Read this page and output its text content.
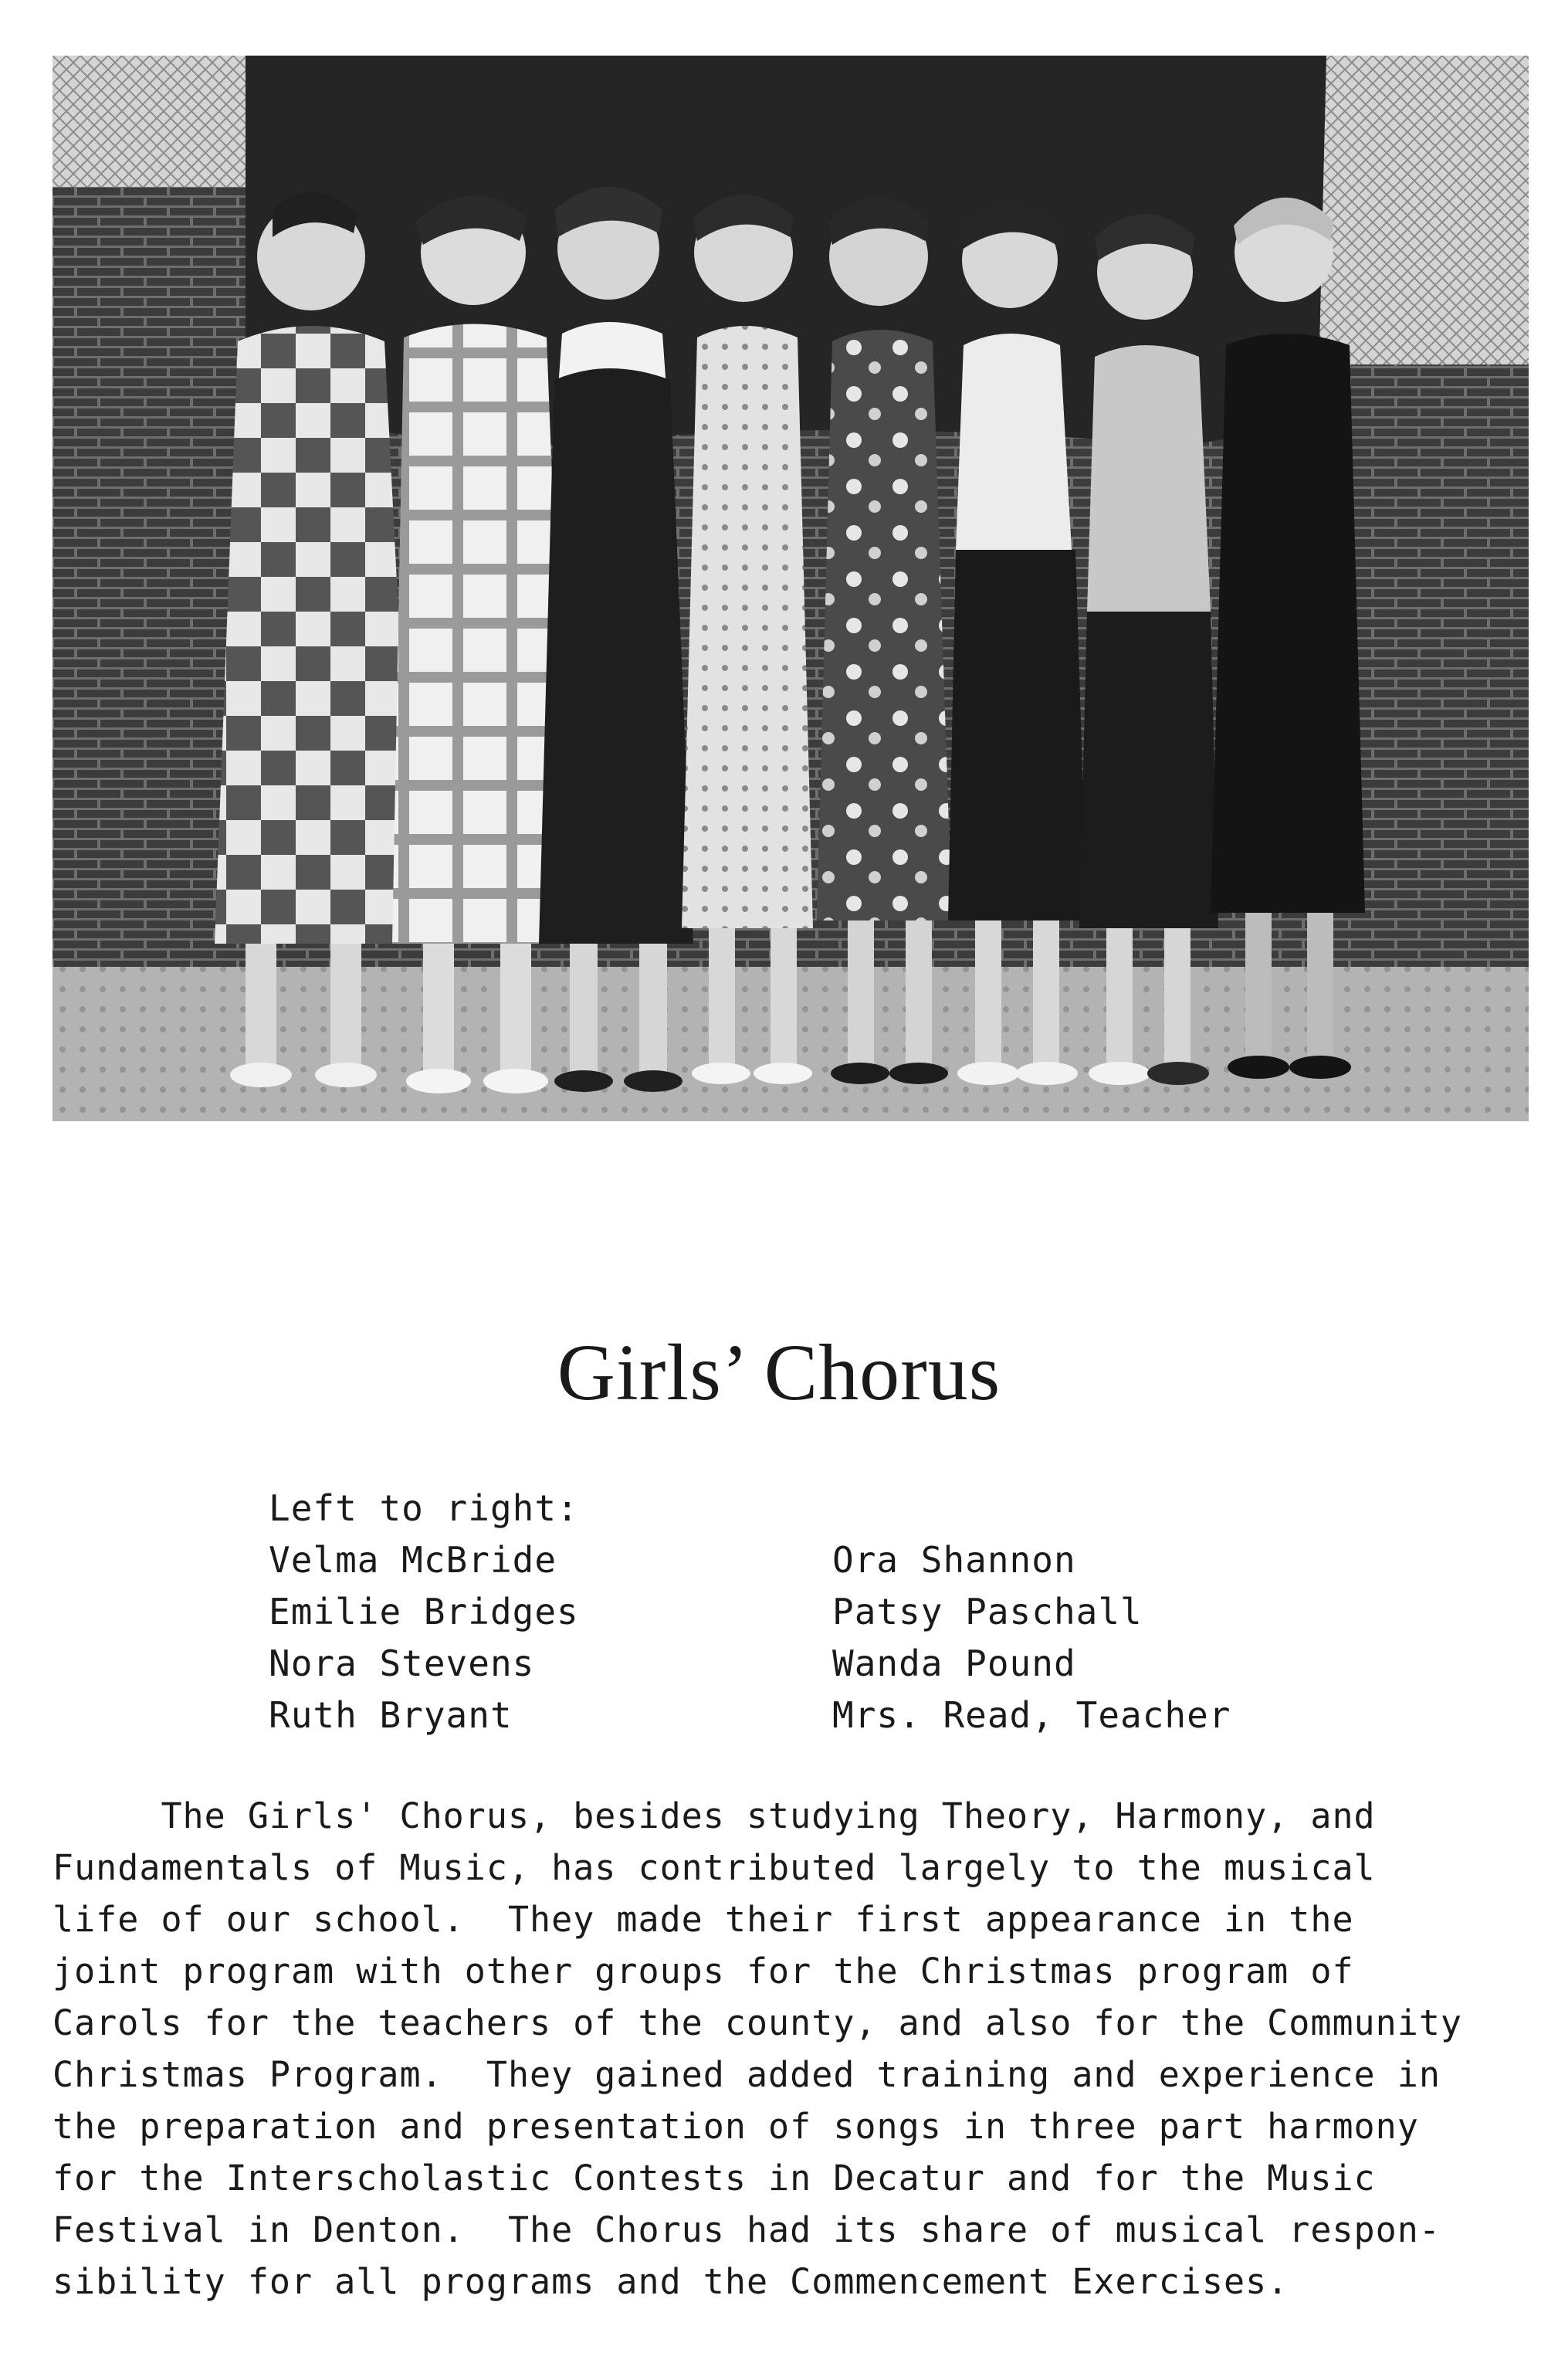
Girls’ Chorus
Left to right:
Velma McBride
Emilie Bridges
Nora Stevens
Ruth Bryant
Ora Shannon
Patsy Paschall
Wanda Pound
Mrs. Read, Teacher
The Girls' Chorus, besides studying Theory, Harmony, and
Fundamentals of Music, has contributed largely to the musical
life of our school.  They made their first appearance in the
joint program with other groups for the Christmas program of
Carols for the teachers of the county, and also for the Community
Christmas Program.  They gained added training and experience in
the preparation and presentation of songs in three part harmony
for the Interscholastic Contests in Decatur and for the Music
Festival in Denton.  The Chorus had its share of musical respon-
sibility for all programs and the Commencement Exercises.
